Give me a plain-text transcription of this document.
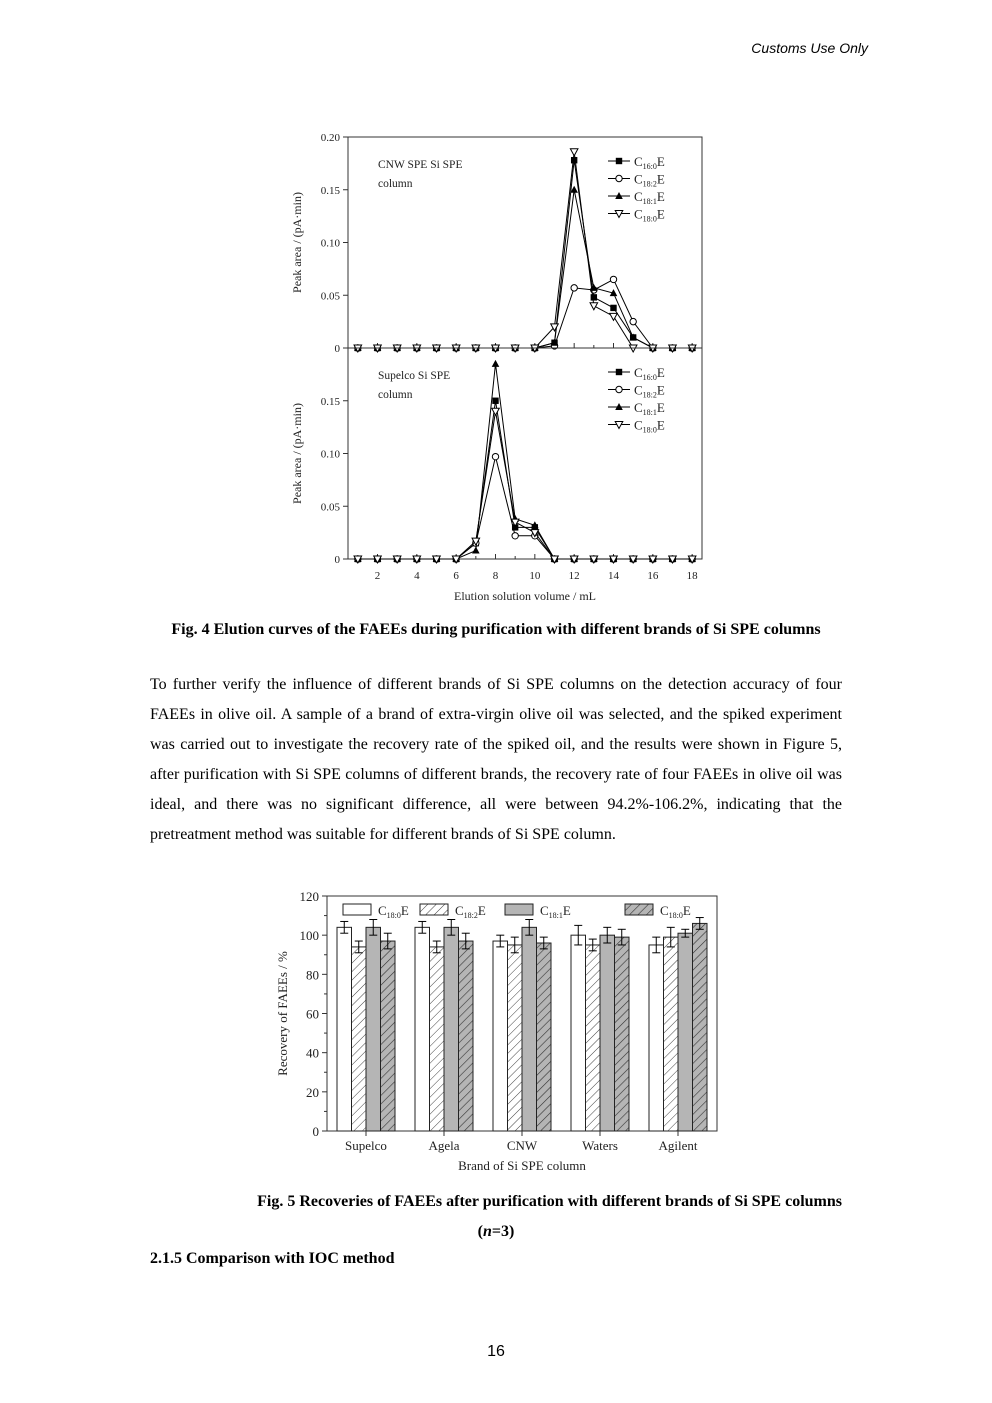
Customs Use Only
0
0.05
0.10
0.15
0.20
Peak area / (pA·min)
CNW SPE Si SPE
column
$C_{16:0}E$
$C_{18:2}E$
$C_{18:1}E$
$C_{18:0}E$
0
0.05
0.10
0.15
Peak area / (pA·min)
Supelco Si SPE
column
$C_{16:0}E$
$C_{18:2}E$
$C_{18:1}E$
$C_{18:0}E$
2	4	6	8	10	12	14	16	18
Elution solution volume / mL
Fig. 4 Elution curves of the FAEEs during purification with different brands of Si SPE columns
To further verify the influence of different brands of Si SPE columns on the detection accuracy of four FAEEs in olive oil. A sample of a brand of extra-virgin olive oil was selected, and the spiked experiment was carried out to investigate the recovery rate of the spiked oil, and the results were shown in Figure 5, after purification with Si SPE columns of different brands, the recovery rate of four FAEEs in olive oil was ideal, and there was no significant difference, all were between 94.2%-106.2%, indicating that the pretreatment method was suitable for different brands of Si SPE column.
0
20
40
60
80
100
120
Recovery of FAEEs / %
Supelco	Agela	CNW	Waters	Agilent
Brand of Si SPE column
$C_{18:0}E$	$C_{18:2}E$	$C_{18:1}E$	$C_{18:0}E$
Fig. 5 Recoveries of FAEEs after purification with different brands of Si SPE columns
(n=3)
2.1.5 Comparison with IOC method
16
